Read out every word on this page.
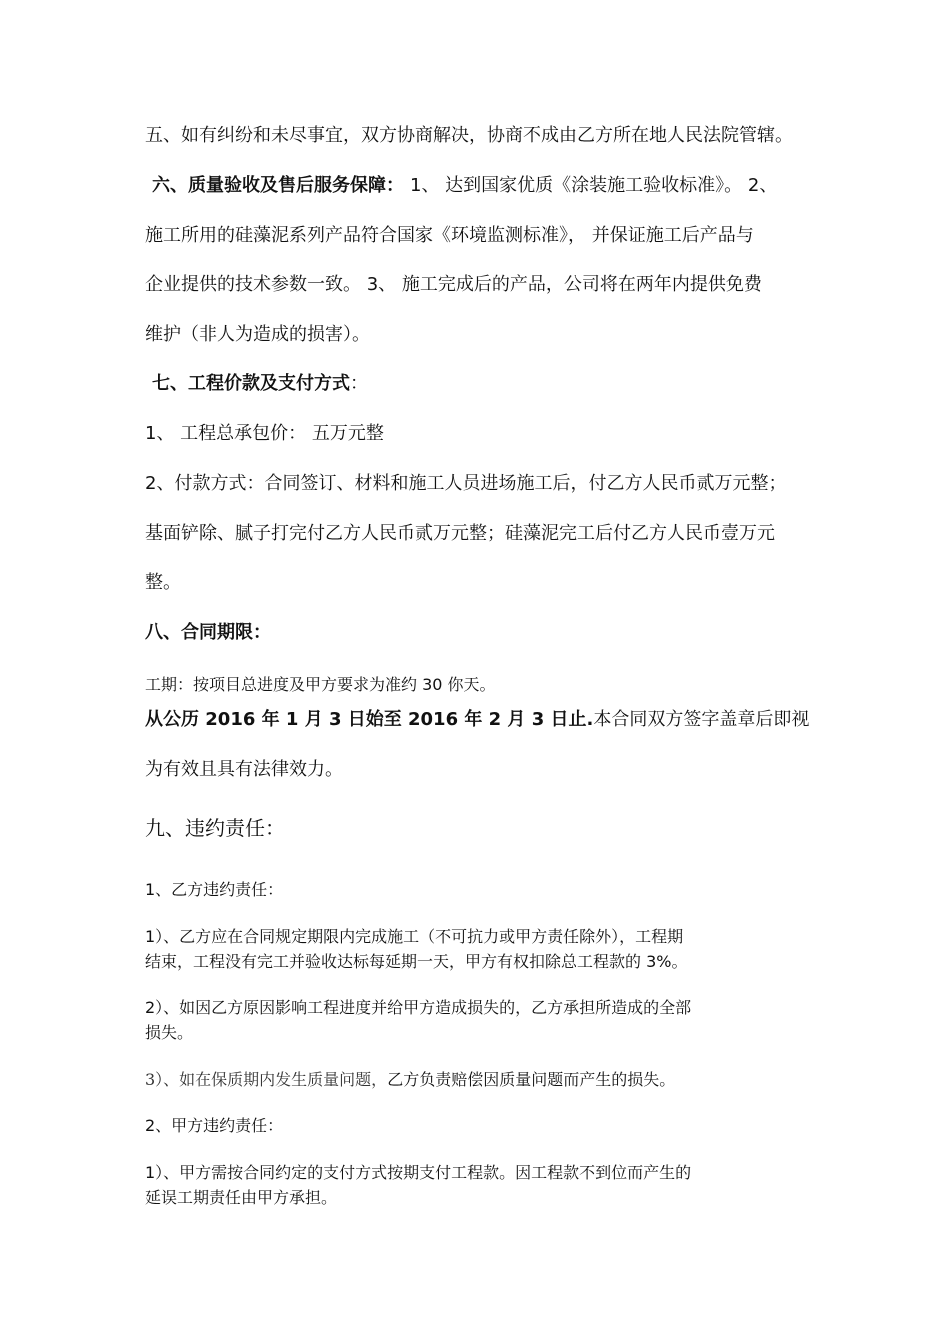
五、如有纠纷和未尽事宜，双方协商解决，协商不成由乙方所在地人民法院管辖。
六、质量验收及售后服务保障： 1、 达到国家优质《涂装施工验收标准》。 2、
施工所用的硅藻泥系列产品符合国家《环境监测标准》， 并保证施工后产品与
企业提供的技术参数一致。 3、 施工完成后的产品，公司将在两年内提供免费
维护（非人为造成的损害）。
七、工程价款及支付方式：
1、 工程总承包价： 五万元整
2、付款方式：合同签订、材料和施工人员进场施工后，付乙方人民币贰万元整；
基面铲除、腻子打完付乙方人民币贰万元整；硅藻泥完工后付乙方人民币壹万元
整。
八、合同期限：
工期：按项目总进度及甲方要求为准约 30 你天。
从公历 2016 年 1 月 3 日始至 2016 年 2 月 3 日止.本合同双方签字盖章后即视
为有效且具有法律效力。
九、违约责任：
1、乙方违约责任：
1）、乙方应在合同规定期限内完成施工（不可抗力或甲方责任除外），工程期
结束，工程没有完工并验收达标每延期一天，甲方有权扣除总工程款的 3%。
2）、如因乙方原因影响工程进度并给甲方造成损失的，乙方承担所造成的全部
损失。
3）、如在保质期内发生质量问题，乙方负责赔偿因质量问题而产生的损失。
2、甲方违约责任：
1）、甲方需按合同约定的支付方式按期支付工程款。因工程款不到位而产生的
延误工期责任由甲方承担。
